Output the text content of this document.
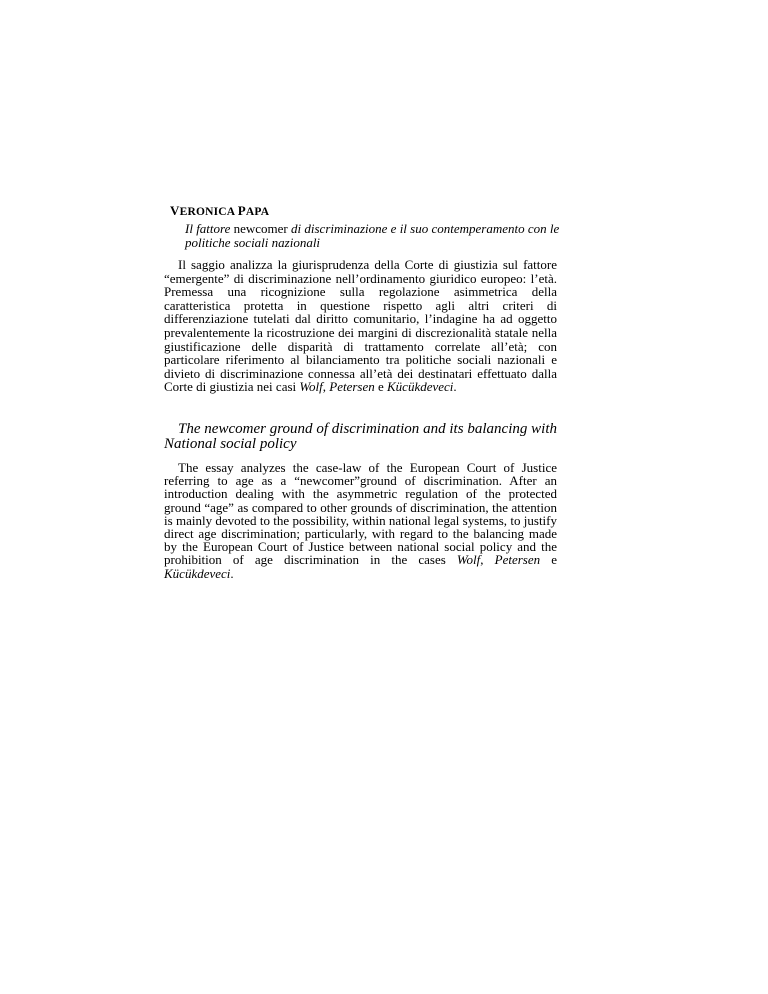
VERONICA PAPA
Il fattore newcomer di discriminazione e il suo contemperamento con le politiche sociali nazionali

Il saggio analizza la giurisprudenza della Corte di giustizia sul fattore “emergente” di discriminazione nell’ordinamento giuridico europeo: l’età. Premessa una ricognizione sulla regolazione asimmetrica della caratteristica protetta in questione rispetto agli altri criteri di differenziazione tutelati dal diritto comunitario, l’indagine ha ad oggetto prevalentemente la ricostruzione dei margini di discrezionalità statale nella giustificazione delle disparità di trattamento correlate all’età; con particolare riferimento al bilanciamento tra politiche sociali nazionali e divieto di discriminazione connessa all’età dei destinatari effettuato dalla Corte di giustizia nei casi Wolf, Petersen e Kücükdeveci.

The newcomer ground of discrimination and its balancing with National social policy

The essay analyzes the case-law of the European Court of Justice referring to age as a “newcomer”ground of discrimination. After an introduction dealing with the asymmetric regulation of the protected ground “age” as compared to other grounds of discrimination, the attention is mainly devoted to the possibility, within national legal systems, to justify direct age discrimination; particularly, with regard to the balancing made by the European Court of Justice between national social policy and the prohibition of age discrimination in the cases Wolf, Petersen e Kücükdeveci.
